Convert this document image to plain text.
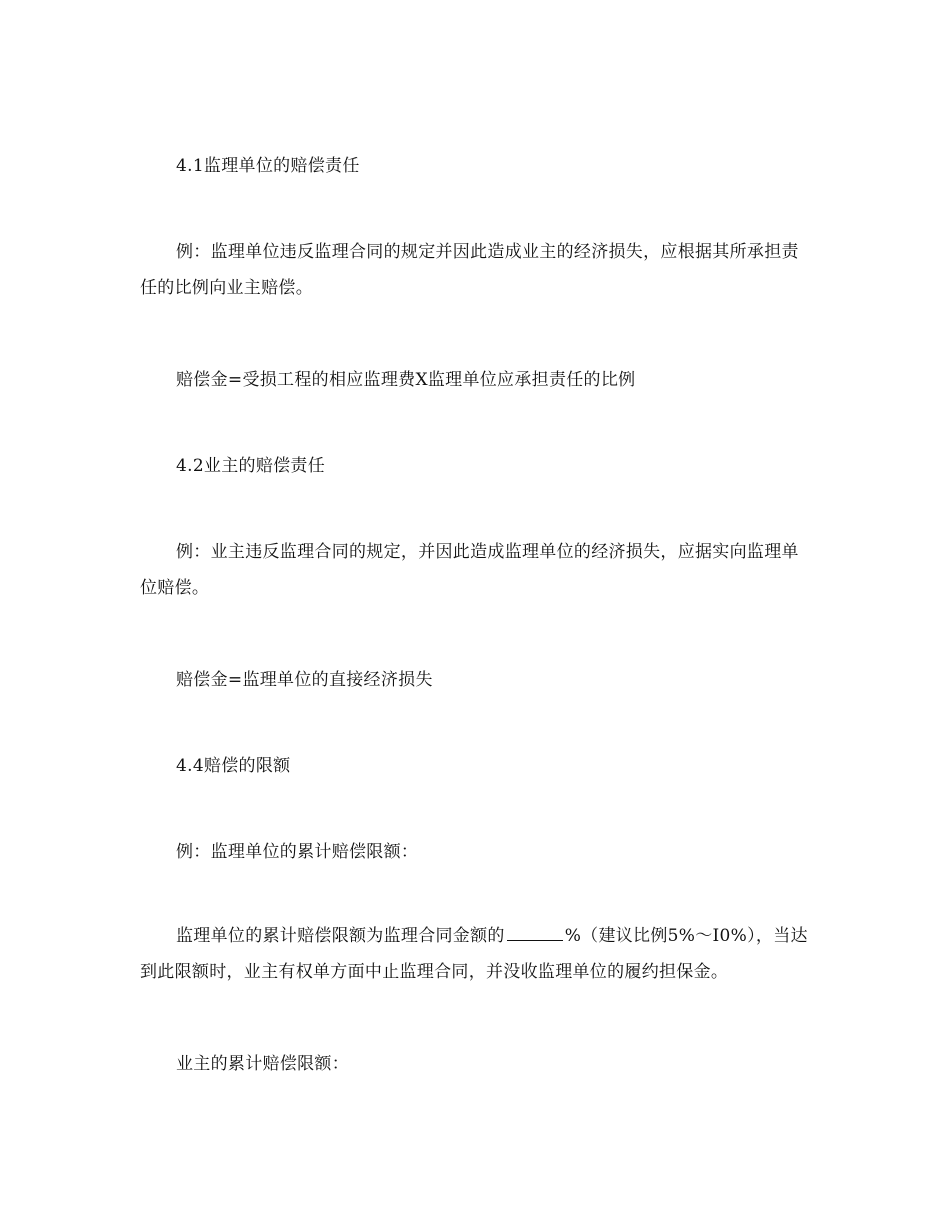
4.1监理单位的赔偿责任

例：监理单位违反监理合同的规定并因此造成业主的经济损失，应根据其所承担责任的比例向业主赔偿。

赔偿金=受损工程的相应监理费X监理单位应承担责任的比例

4.2业主的赔偿责任

例：业主违反监理合同的规定，并因此造成监理单位的经济损失，应据实向监理单位赔偿。

赔偿金=监理单位的直接经济损失

4.4赔偿的限额

例：监理单位的累计赔偿限额：

监理单位的累计赔偿限额为监理合同金额的	%（建议比例5%～I0%），当达到此限额时，业主有权单方面中止监理合同，并没收监理单位的履约担保金。

业主的累计赔偿限额：
